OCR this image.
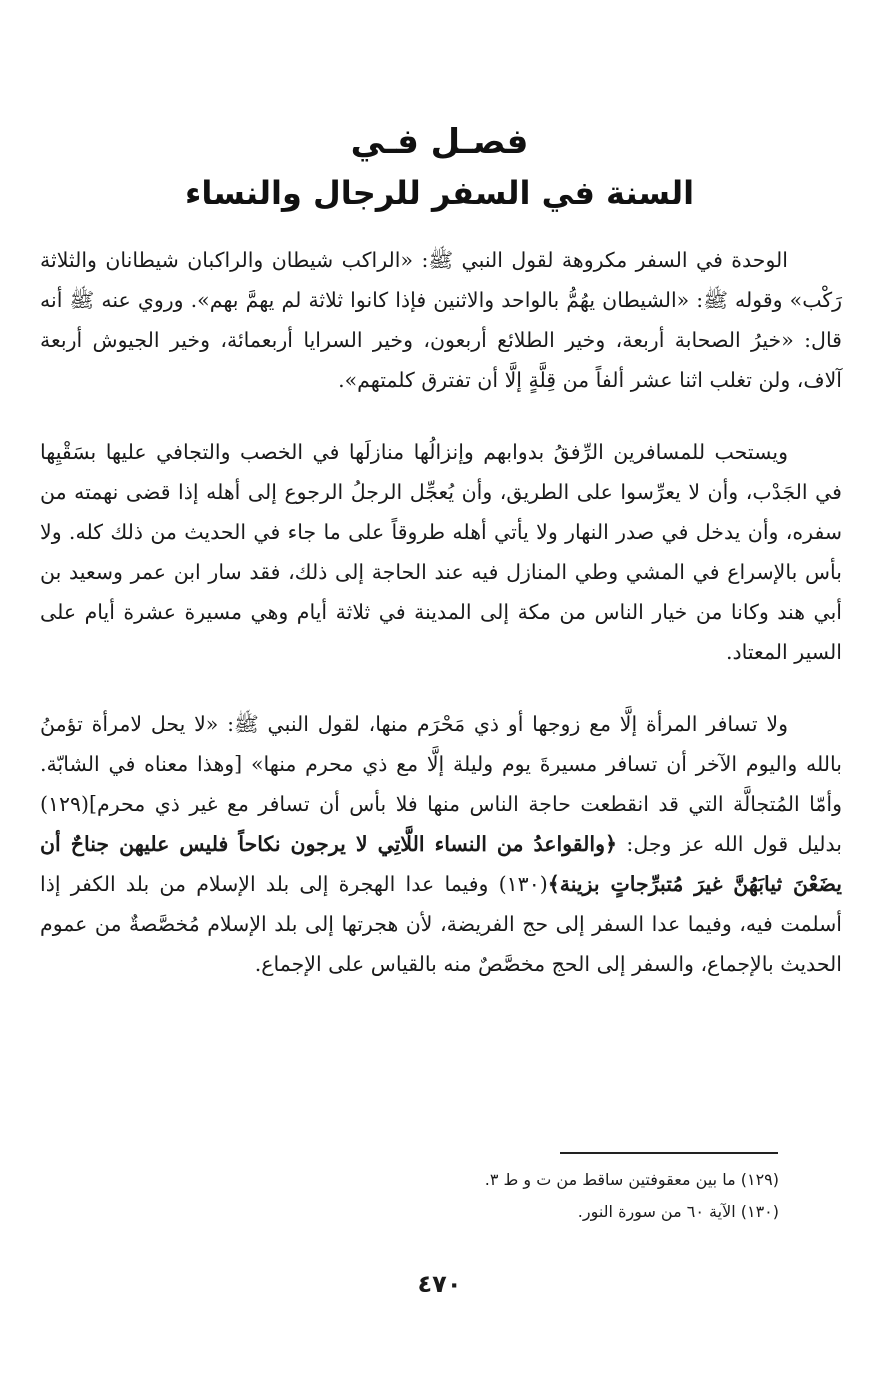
فصـل فـي
السنة في السفر للرجال والنساء

الوحدة في السفر مكروهة لقول النبي ﷺ: «الراكب شيطان والراكبان شيطانان والثلاثة رَكْب» وقوله ﷺ: «الشيطان يهُمُّ بالواحد والاثنين فإذا كانوا ثلاثة لم يهمَّ بهم». وروي عنه ﷺ أنه قال: «خيرُ الصحابة أربعة، وخير الطلائع أربعون، وخير السرايا أربعمائة، وخير الجيوش أربعة آلاف، ولن تغلب اثنا عشر ألفاً من قِلَّةٍ إلَّا أن تفترق كلمتهم».

ويستحب للمسافرين الرِّفقُ بدوابهم وإنزالُها منازلَها في الخصب والتجافي عليها بسَقْيِها في الجَدْب، وأن لا يعرِّسوا على الطريق، وأن يُعجِّل الرجلُ الرجوع إلى أهله إذا قضى نهمته من سفره، وأن يدخل في صدر النهار ولا يأتي أهله طروقاً على ما جاء في الحديث من ذلك كله. ولا بأس بالإسراع في المشي وطي المنازل فيه عند الحاجة إلى ذلك، فقد سار ابن عمر وسعيد بن أبي هند وكانا من خيار الناس من مكة إلى المدينة في ثلاثة أيام وهي مسيرة عشرة أيام على السير المعتاد.

ولا تسافر المرأة إلَّا مع زوجها أو ذي مَحْرَم منها، لقول النبي ﷺ: «لا يحل لامرأة تؤمنُ بالله واليوم الآخر أن تسافر مسيرةَ يوم وليلة إلَّا مع ذي محرم منها» [وهذا معناه في الشابّة. وأمّا المُتجالَّة التي قد انقطعت حاجة الناس منها فلا بأس أن تسافر مع غير ذي محرم](١٢٩) بدليل قول الله عز وجل: ﴿والقواعدُ من النساء اللَّاتِي لا يرجون نكاحاً فليس عليهن جناحٌ أن يضَعْنَ ثيابَهُنَّ غيرَ مُتبرِّجاتٍ بزينة﴾(١٣٠) وفيما عدا الهجرة إلى بلد الإسلام من بلد الكفر إذا أسلمت فيه، وفيما عدا السفر إلى حج الفريضة، لأن هجرتها إلى بلد الإسلام مُخصَّصةٌ من عموم الحديث بالإجماع، والسفر إلى الحج مخصَّصٌ منه بالقياس على الإجماع.

(١٢٩) ما بين معقوفتين ساقط من ت و ط ٣.
(١٣٠) الآية ٦٠ من سورة النور.
٤٧٠
